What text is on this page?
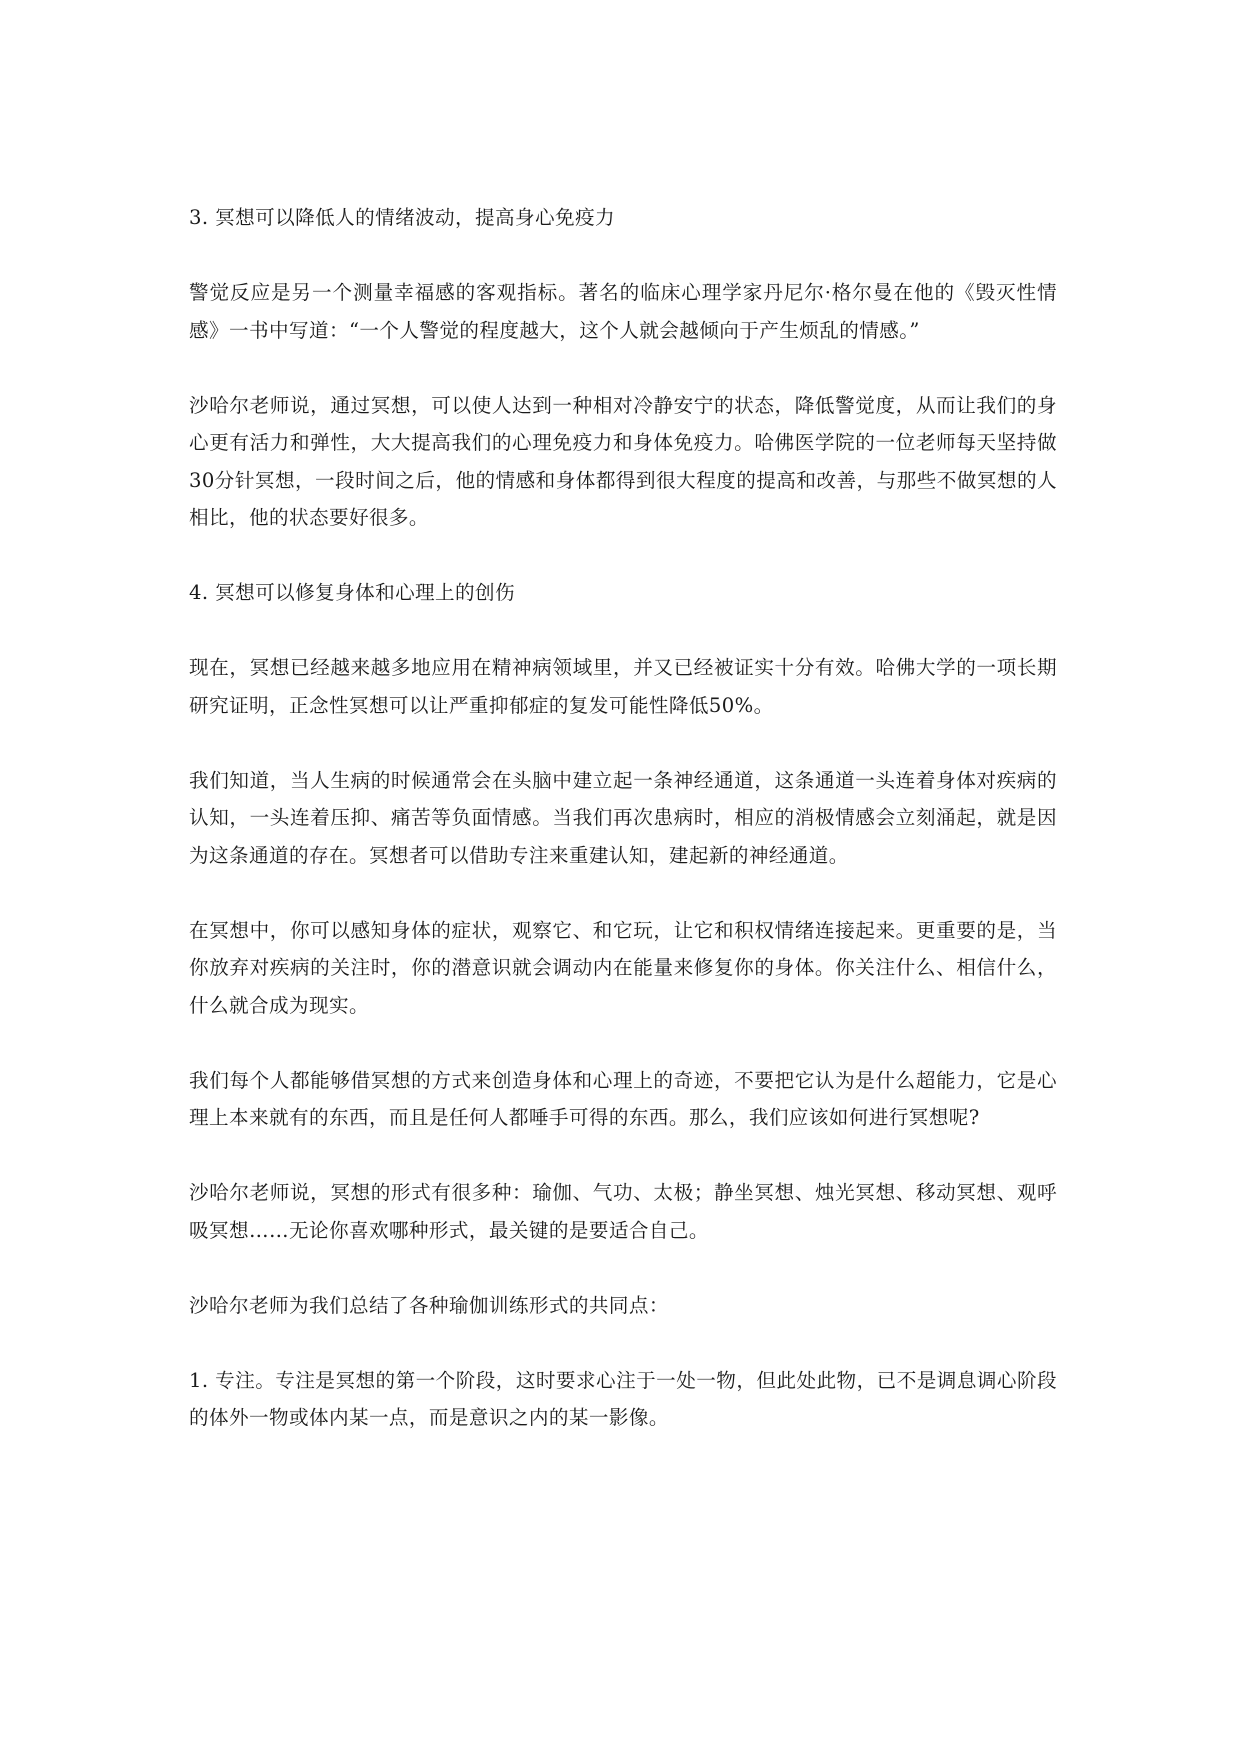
3. 冥想可以降低人的情绪波动，提高身心免疫力

警觉反应是另一个测量幸福感的客观指标。著名的临床心理学家丹尼尔·格尔曼在他的《毁灭性情感》一书中写道：“一个人警觉的程度越大，这个人就会越倾向于产生烦乱的情感。”

沙哈尔老师说，通过冥想，可以使人达到一种相对冷静安宁的状态，降低警觉度，从而让我们的身心更有活力和弹性，大大提高我们的心理免疫力和身体免疫力。哈佛医学院的一位老师每天坚持做30分针冥想，一段时间之后，他的情感和身体都得到很大程度的提高和改善，与那些不做冥想的人相比，他的状态要好很多。

4. 冥想可以修复身体和心理上的创伤

现在，冥想已经越来越多地应用在精神病领域里，并又已经被证实十分有效。哈佛大学的一项长期研究证明，正念性冥想可以让严重抑郁症的复发可能性降低50%。

我们知道，当人生病的时候通常会在头脑中建立起一条神经通道，这条通道一头连着身体对疾病的认知，一头连着压抑、痛苦等负面情感。当我们再次患病时，相应的消极情感会立刻涌起，就是因为这条通道的存在。冥想者可以借助专注来重建认知，建起新的神经通道。

在冥想中，你可以感知身体的症状，观察它、和它玩，让它和积权情绪连接起来。更重要的是，当你放弃对疾病的关注时，你的潜意识就会调动内在能量来修复你的身体。你关注什么、相信什么，什么就合成为现实。

我们每个人都能够借冥想的方式来创造身体和心理上的奇迹，不要把它认为是什么超能力，它是心理上本来就有的东西，而且是任何人都唾手可得的东西。那么，我们应该如何进行冥想呢?

沙哈尔老师说，冥想的形式有很多种：瑜伽、气功、太极；静坐冥想、烛光冥想、移动冥想、观呼吸冥想……无论你喜欢哪种形式，最关键的是要适合自己。

沙哈尔老师为我们总结了各种瑜伽训练形式的共同点：

1. 专注。专注是冥想的第一个阶段，这时要求心注于一处一物，但此处此物，已不是调息调心阶段的体外一物或体内某一点，而是意识之内的某一影像。
